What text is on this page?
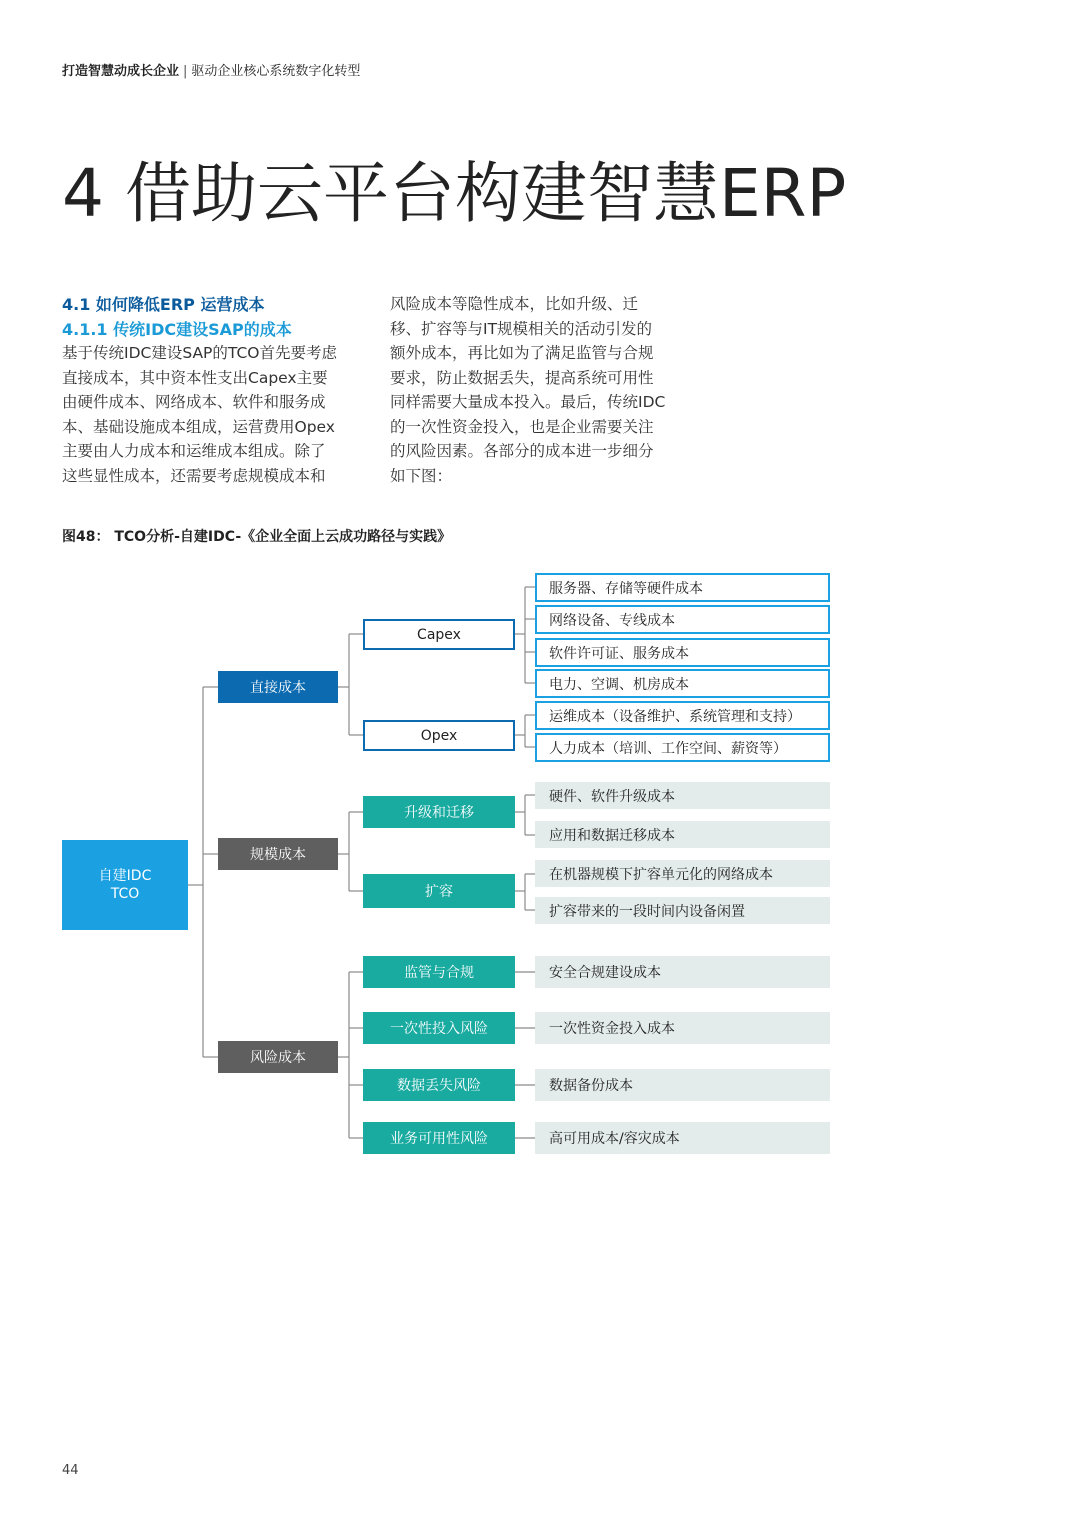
打造智慧动成长企业 | 驱动企业核心系统数字化转型
4 借助云平台构建智慧ERP
4.1 如何降低ERP 运营成本
4.1.1 传统IDC建设SAP的成本
基于传统IDC建设SAP的TCO首先要考虑
直接成本，其中资本性支出Capex主要
由硬件成本、网络成本、软件和服务成
本、基础设施成本组成，运营费用Opex
主要由人力成本和运维成本组成。除了
这些显性成本，还需要考虑规模成本和
风险成本等隐性成本，比如升级、迁
移、扩容等与IT规模相关的活动引发的
额外成本，再比如为了满足监管与合规
要求，防止数据丢失，提高系统可用性
同样需要大量成本投入。最后，传统IDC
的一次性资金投入，也是企业需要关注
的风险因素。各部分的成本进一步细分
如下图：
图48： TCO分析-自建IDC-《企业全面上云成功路径与实践》
自建IDC
TCO
直接成本
规模成本
风险成本
Capex
Opex
服务器、存储等硬件成本
网络设备、专线成本
软件许可证、服务成本
电力、空调、机房成本
运维成本（设备维护、系统管理和支持）
人力成本（培训、工作空间、薪资等）
升级和迁移
扩容
硬件、软件升级成本
应用和数据迁移成本
在机器规模下扩容单元化的网络成本
扩容带来的一段时间内设备闲置
监管与合规
一次性投入风险
数据丢失风险
业务可用性风险
安全合规建设成本
一次性资金投入成本
数据备份成本
高可用成本/容灾成本
44
